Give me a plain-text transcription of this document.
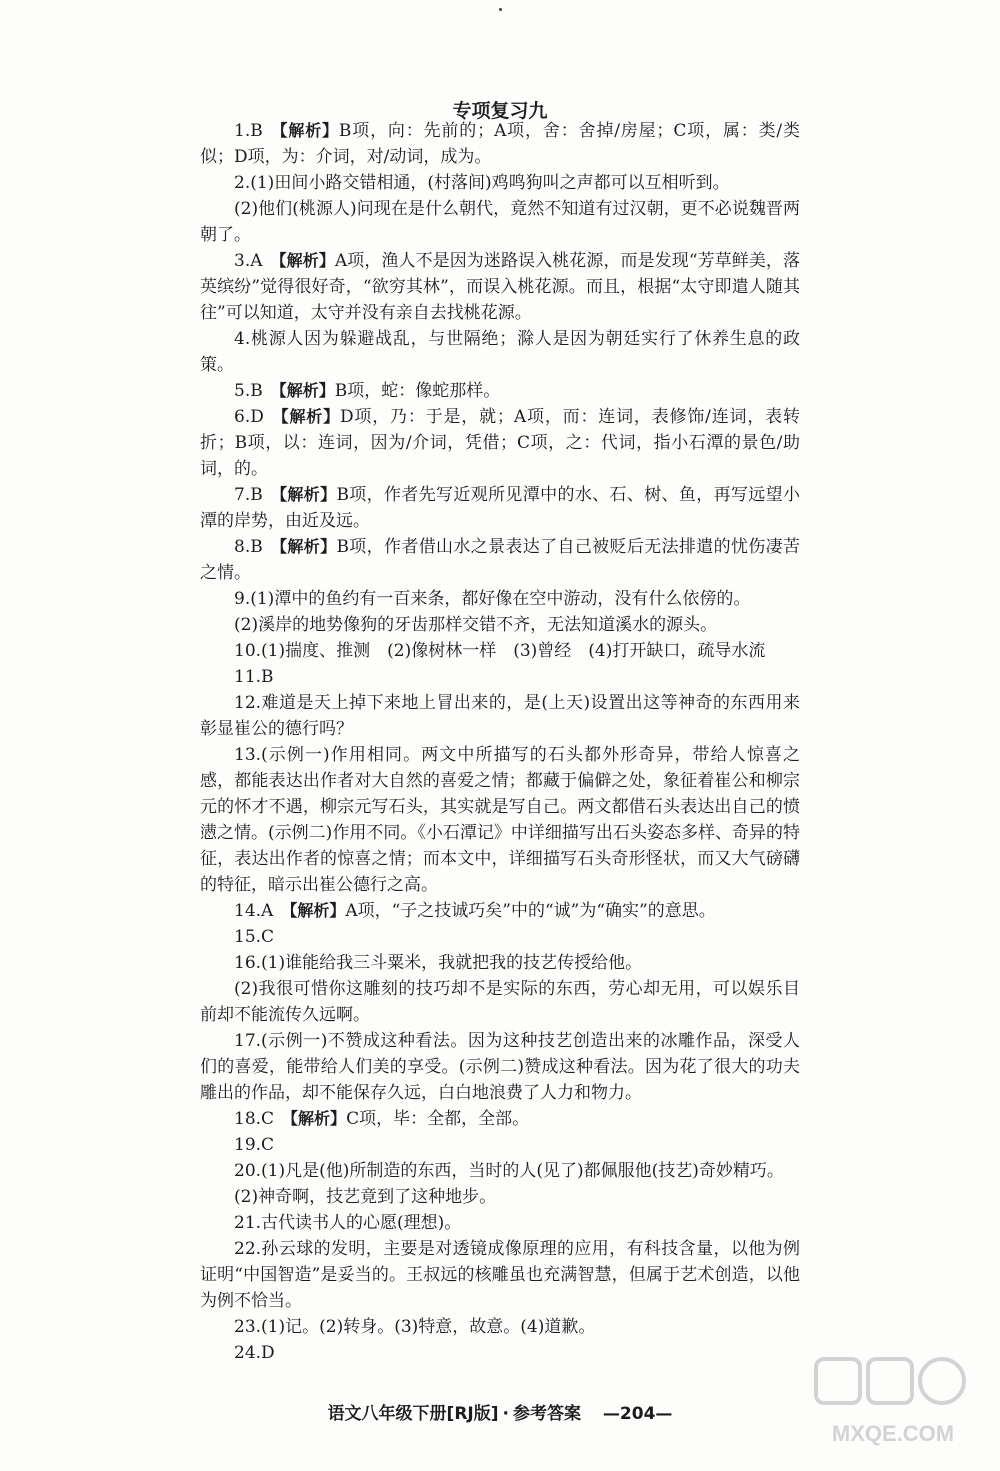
专项复习九

1.B 【解析】B项，向：先前的；A项，舍：舍掉/房屋；C项，属：类/类似；D项，为：介词，对/动词，成为。

2.(1)田间小路交错相通，(村落间)鸡鸣狗叫之声都可以互相听到。

(2)他们(桃源人)问现在是什么朝代，竟然不知道有过汉朝，更不必说魏晋两朝了。

3.A 【解析】A项，渔人不是因为迷路误入桃花源，而是发现“芳草鲜美，落英缤纷”觉得很好奇，“欲穷其林”，而误入桃花源。而且，根据“太守即遣人随其往”可以知道，太守并没有亲自去找桃花源。

4.桃源人因为躲避战乱，与世隔绝；滁人是因为朝廷实行了休养生息的政策。

5.B 【解析】B项，蛇：像蛇那样。

6.D 【解析】D项，乃：于是，就；A项，而：连词，表修饰/连词，表转折；B项，以：连词，因为/介词，凭借；C项，之：代词，指小石潭的景色/助词，的。

7.B 【解析】B项，作者先写近观所见潭中的水、石、树、鱼，再写远望小潭的岸势，由近及远。

8.B 【解析】B项，作者借山水之景表达了自己被贬后无法排遣的忧伤凄苦之情。

9.(1)潭中的鱼约有一百来条，都好像在空中游动，没有什么依傍的。

(2)溪岸的地势像狗的牙齿那样交错不齐，无法知道溪水的源头。

10.(1)揣度、推测　(2)像树林一样　(3)曾经　(4)打开缺口，疏导水流

11.B

12.难道是天上掉下来地上冒出来的，是(上天)设置出这等神奇的东西用来彰显崔公的德行吗？

13.(示例一)作用相同。两文中所描写的石头都外形奇异，带给人惊喜之感，都能表达出作者对大自然的喜爱之情；都藏于偏僻之处，象征着崔公和柳宗元的怀才不遇，柳宗元写石头，其实就是写自己。两文都借石头表达出自己的愤懑之情。(示例二)作用不同。《小石潭记》中详细描写出石头姿态多样、奇异的特征，表达出作者的惊喜之情；而本文中，详细描写石头奇形怪状，而又大气磅礴的特征，暗示出崔公德行之高。

14.A 【解析】A项，“子之技诚巧矣”中的“诚”为“确实”的意思。

15.C

16.(1)谁能给我三斗粟米，我就把我的技艺传授给他。

(2)我很可惜你这雕刻的技巧却不是实际的东西，劳心却无用，可以娱乐目前却不能流传久远啊。

17.(示例一)不赞成这种看法。因为这种技艺创造出来的冰雕作品，深受人们的喜爱，能带给人们美的享受。(示例二)赞成这种看法。因为花了很大的功夫雕出的作品，却不能保存久远，白白地浪费了人力和物力。

18.C 【解析】C项，毕：全都，全部。

19.C

20.(1)凡是(他)所制造的东西，当时的人(见了)都佩服他(技艺)奇妙精巧。

(2)神奇啊，技艺竟到了这种地步。

21.古代读书人的心愿(理想)。

22.孙云球的发明，主要是对透镜成像原理的应用，有科技含量，以他为例证明“中国智造”是妥当的。王叔远的核雕虽也充满智慧，但属于艺术创造，以他为例不恰当。

23.(1)记。(2)转身。(3)特意，故意。(4)道歉。

24.D

语文八年级下册[RJ版] · 参考答案 —204—
MXQE.COM
